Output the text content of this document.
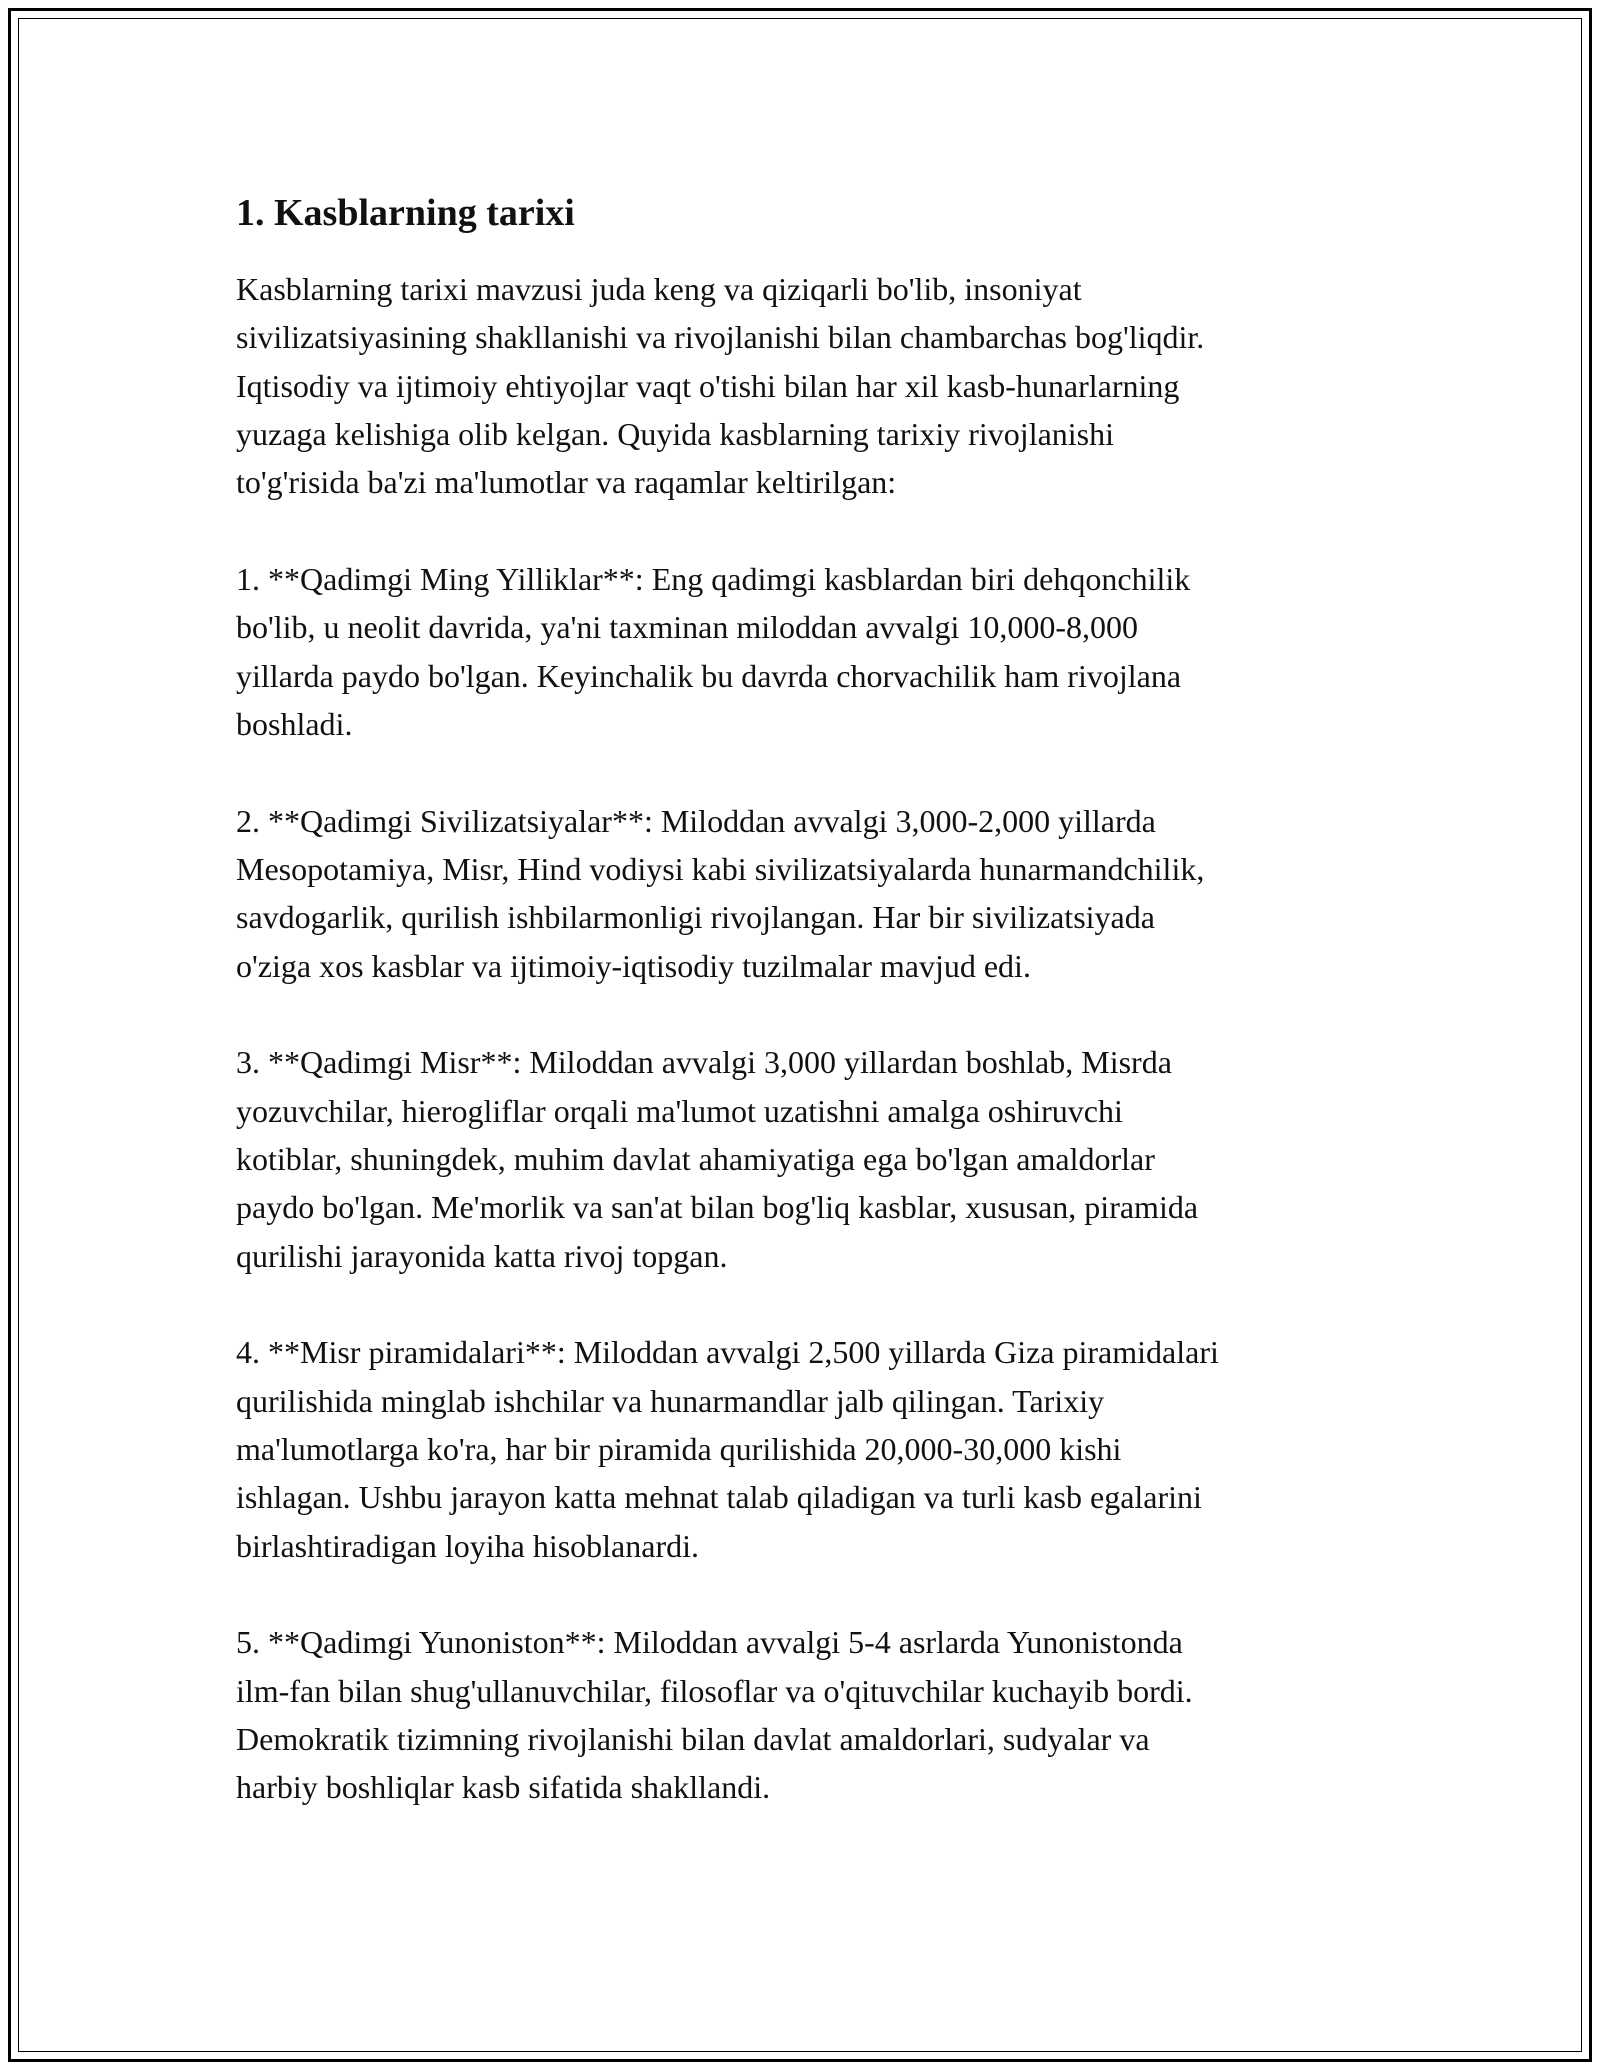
1. Kasblarning tarixi
Kasblarning tarixi mavzusi juda keng va qiziqarli bo'lib, insoniyat
sivilizatsiyasining shakllanishi va rivojlanishi bilan chambarchas bog'liqdir.
Iqtisodiy va ijtimoiy ehtiyojlar vaqt o'tishi bilan har xil kasb-hunarlarning
yuzaga kelishiga olib kelgan. Quyida kasblarning tarixiy rivojlanishi
to'g'risida ba'zi ma'lumotlar va raqamlar keltirilgan:
1. **Qadimgi Ming Yilliklar**: Eng qadimgi kasblardan biri dehqonchilik
bo'lib, u neolit davrida, ya'ni taxminan miloddan avvalgi 10,000-8,000
yillarda paydo bo'lgan. Keyinchalik bu davrda chorvachilik ham rivojlana
boshladi.
2. **Qadimgi Sivilizatsiyalar**: Miloddan avvalgi 3,000-2,000 yillarda
Mesopotamiya, Misr, Hind vodiysi kabi sivilizatsiyalarda hunarmandchilik,
savdogarlik, qurilish ishbilarmonligi rivojlangan. Har bir sivilizatsiyada
o'ziga xos kasblar va ijtimoiy-iqtisodiy tuzilmalar mavjud edi.
3. **Qadimgi Misr**: Miloddan avvalgi 3,000 yillardan boshlab, Misrda
yozuvchilar, hierogliflar orqali ma'lumot uzatishni amalga oshiruvchi
kotiblar, shuningdek, muhim davlat ahamiyatiga ega bo'lgan amaldorlar
paydo bo'lgan. Me'morlik va san'at bilan bog'liq kasblar, xususan, piramida
qurilishi jarayonida katta rivoj topgan.
4. **Misr piramidalari**: Miloddan avvalgi 2,500 yillarda Giza piramidalari
qurilishida minglab ishchilar va hunarmandlar jalb qilingan. Tarixiy
ma'lumotlarga ko'ra, har bir piramida qurilishida 20,000-30,000 kishi
ishlagan. Ushbu jarayon katta mehnat talab qiladigan va turli kasb egalarini
birlashtiradigan loyiha hisoblanardi.
5. **Qadimgi Yunoniston**: Miloddan avvalgi 5-4 asrlarda Yunonistonda
ilm-fan bilan shug'ullanuvchilar, filosoflar va o'qituvchilar kuchayib bordi.
Demokratik tizimning rivojlanishi bilan davlat amaldorlari, sudyalar va
harbiy boshliqlar kasb sifatida shakllandi.
